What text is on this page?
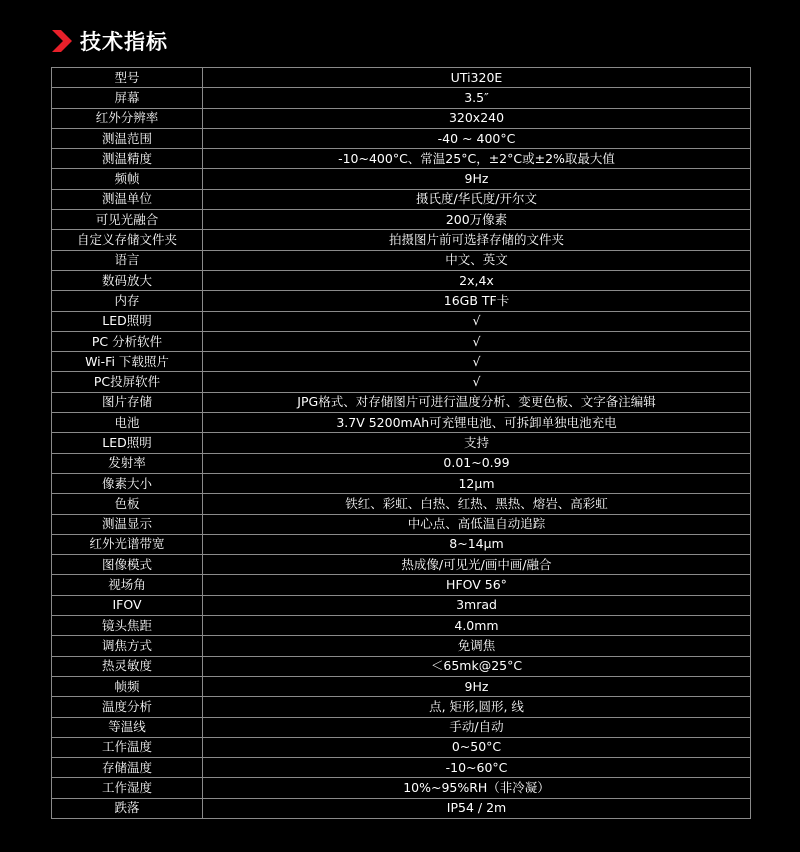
技术指标
型号	UTi320E
屏幕	3.5″
红外分辨率	320x240
测温范围	-40 ~ 400°C
测温精度	-10~400°C、常温25°C，±2°C或±2%取最大值
频帧	9Hz
测温单位	摄氏度/华氏度/开尔文
可见光融合	200万像素
自定义存储文件夹	拍摄图片前可选择存储的文件夹
语言	中文、英文
数码放大	2x,4x
内存	16GB TF卡
LED照明	√
PC 分析软件	√
Wi-Fi 下载照片	√
PC投屏软件	√
图片存储	JPG格式、对存储图片可进行温度分析、变更色板、文字备注编辑
电池	3.7V 5200mAh可充锂电池、可拆卸单独电池充电
LED照明	支持
发射率	0.01~0.99
像素大小	12μm
色板	铁红、彩虹、白热、红热、黑热、熔岩、高彩虹
测温显示	中心点、高低温自动追踪
红外光谱带宽	8~14μm
图像模式	热成像/可见光/画中画/融合
视场角	HFOV 56°
IFOV	3mrad
镜头焦距	4.0mm
调焦方式	免调焦
热灵敏度	＜65mk@25°C
帧频	9Hz
温度分析	点, 矩形,圆形, 线
等温线	手动/自动
工作温度	0~50°C
存储温度	-10~60°C
工作湿度	10%~95%RH（非冷凝）
跌落	IP54 / 2m
